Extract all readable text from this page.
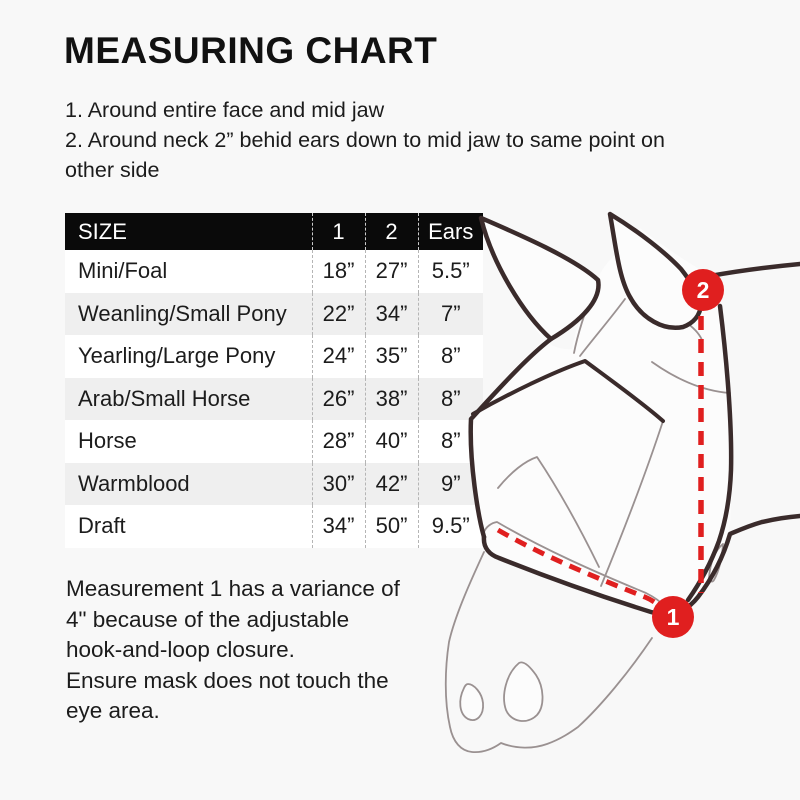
MEASURING CHART
1. Around entire face and mid jaw
2. Around neck 2” behid ears down to mid jaw to same point on
other side
SIZE	1	2	Ears
Mini/Foal	18”	27”	5.5”
Weanling/Small Pony	22”	34”	7”
Yearling/Large Pony	24”	35”	8”
Arab/Small Horse	26”	38”	8”
Horse	28”	40”	8”
Warmblood	30”	42”	9”
Draft	34”	50”	9.5”
Measurement 1 has a variance of
4" because of the adjustable
hook-and-loop closure.
Ensure mask does not touch the
eye area.
2
1
